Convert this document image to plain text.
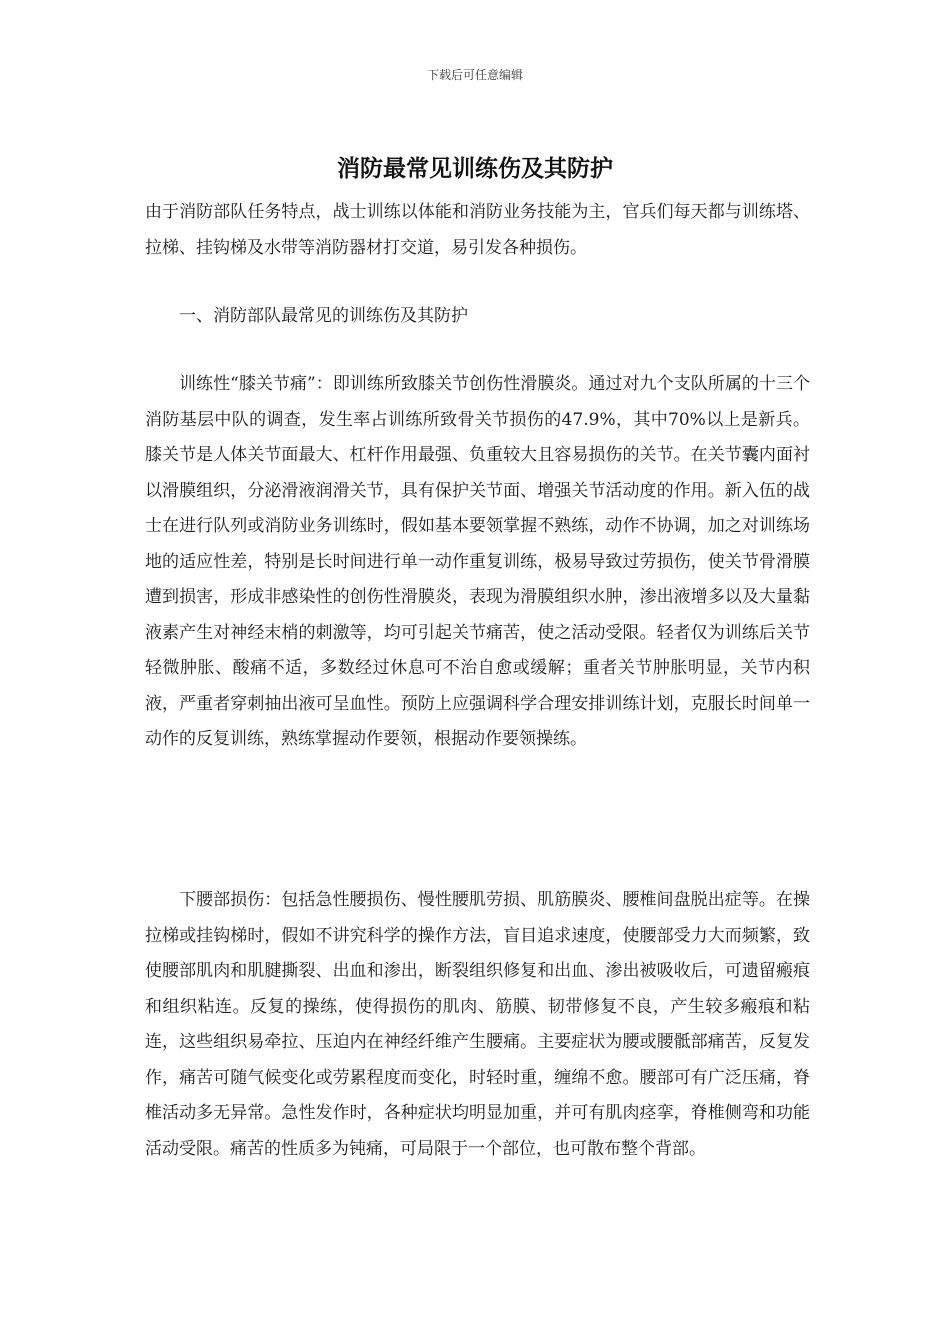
下载后可任意编辑
消防最常见训练伤及其防护

由于消防部队任务特点，战士训练以体能和消防业务技能为主，官兵们每天都与训练塔、拉梯、挂钩梯及水带等消防器材打交道，易引发各种损伤。

一、消防部队最常见的训练伤及其防护

训练性“膝关节痛”：即训练所致膝关节创伤性滑膜炎。通过对九个支队所属的十三个消防基层中队的调查，发生率占训练所致骨关节损伤的47.9%，其中70%以上是新兵。膝关节是人体关节面最大、杠杆作用最强、负重较大且容易损伤的关节。在关节囊内面衬以滑膜组织，分泌滑液润滑关节，具有保护关节面、增强关节活动度的作用。新入伍的战士在进行队列或消防业务训练时，假如基本要领掌握不熟练，动作不协调，加之对训练场地的适应性差，特别是长时间进行单一动作重复训练，极易导致过劳损伤，使关节骨滑膜遭到损害，形成非感染性的创伤性滑膜炎，表现为滑膜组织水肿，渗出液增多以及大量黏液素产生对神经末梢的刺激等，均可引起关节痛苦，使之活动受限。轻者仅为训练后关节轻微肿胀、酸痛不适，多数经过休息可不治自愈或缓解；重者关节肿胀明显，关节内积液，严重者穿刺抽出液可呈血性。预防上应强调科学合理安排训练计划，克服长时间单一动作的反复训练，熟练掌握动作要领，根据动作要领操练。

下腰部损伤：包括急性腰损伤、慢性腰肌劳损、肌筋膜炎、腰椎间盘脱出症等。在操拉梯或挂钩梯时，假如不讲究科学的操作方法，盲目追求速度，使腰部受力大而频繁，致使腰部肌肉和肌腱撕裂、出血和渗出，断裂组织修复和出血、渗出被吸收后，可遗留瘢痕和组织粘连。反复的操练，使得损伤的肌肉、筋膜、韧带修复不良，产生较多瘢痕和粘连，这些组织易牵拉、压迫内在神经纤维产生腰痛。主要症状为腰或腰骶部痛苦，反复发作，痛苦可随气候变化或劳累程度而变化，时轻时重，缠绵不愈。腰部可有广泛压痛，脊椎活动多无异常。急性发作时，各种症状均明显加重，并可有肌肉痉挛，脊椎侧弯和功能活动受限。痛苦的性质多为钝痛，可局限于一个部位，也可散布整个背部。
